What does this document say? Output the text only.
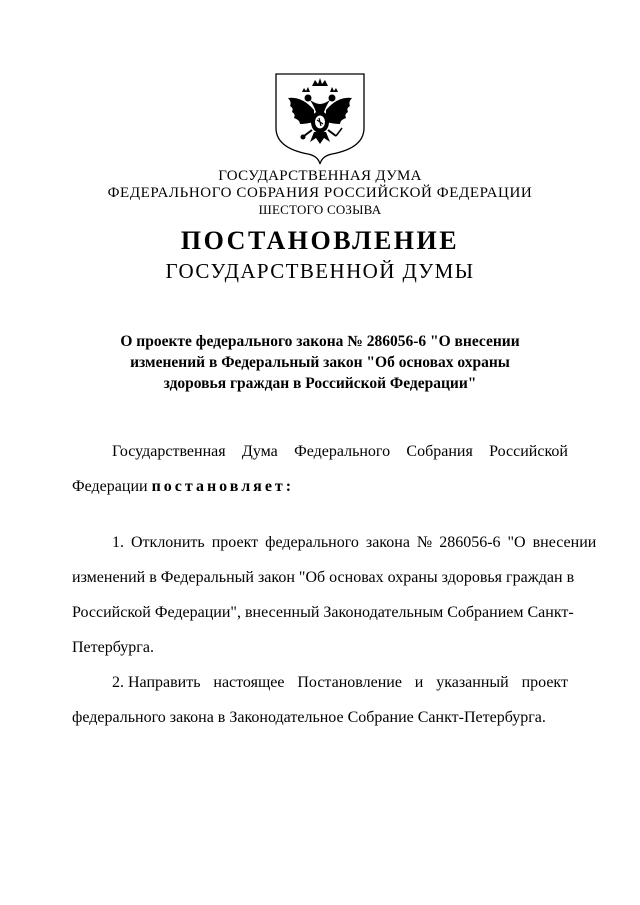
ГОСУДАРСТВЕННАЯ ДУМА
ФЕДЕРАЛЬНОГО СОБРАНИЯ РОССИЙСКОЙ ФЕДЕРАЦИИ
ШЕСТОГО СОЗЫВА
ПОСТАНОВЛЕНИЕ
ГОСУДАРСТВЕННОЙ ДУМЫ
О проекте федерального закона № 286056-6 "О внесении
изменений в Федеральный закон "Об основах охраны
здоровья граждан в Российской Федерации"
Государственная Дума Федерального Собрания Российской
Федерации постановляет:
1. Отклонить проект федерального закона № 286056-6 "О внесении
изменений в Федеральный закон "Об основах охраны здоровья граждан в
Российской Федерации", внесенный Законодательным Собранием Санкт-
Петербурга.
2. Направить настоящее Постановление и указанный проект
федерального закона в Законодательное Собрание Санкт-Петербурга.
